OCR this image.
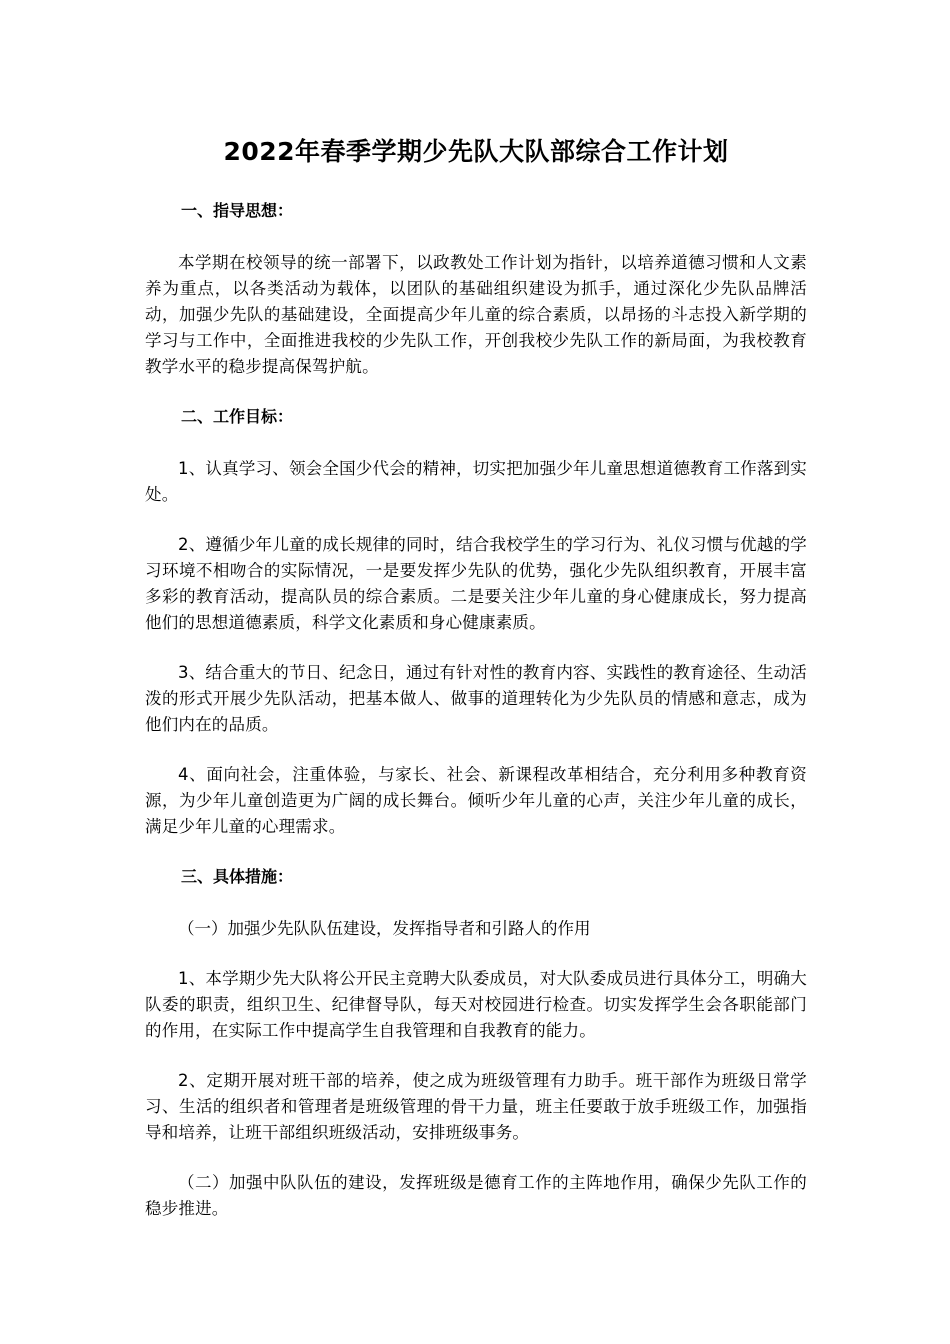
2022年春季学期少先队大队部综合工作计划
一、指导思想：

本学期在校领导的统一部署下，以政教处工作计划为指针，以培养道德习惯和人文素养为重点，以各类活动为载体，以团队的基础组织建设为抓手，通过深化少先队品牌活动，加强少先队的基础建设，全面提高少年儿童的综合素质，以昂扬的斗志投入新学期的学习与工作中，全面推进我校的少先队工作，开创我校少先队工作的新局面，为我校教育教学水平的稳步提高保驾护航。

二、工作目标：

1、认真学习、领会全国少代会的精神，切实把加强少年儿童思想道德教育工作落到实处。

2、遵循少年儿童的成长规律的同时，结合我校学生的学习行为、礼仪习惯与优越的学习环境不相吻合的实际情况，一是要发挥少先队的优势，强化少先队组织教育，开展丰富多彩的教育活动，提高队员的综合素质。二是要关注少年儿童的身心健康成长，努力提高他们的思想道德素质，科学文化素质和身心健康素质。

3、结合重大的节日、纪念日，通过有针对性的教育内容、实践性的教育途径、生动活泼的形式开展少先队活动，把基本做人、做事的道理转化为少先队员的情感和意志，成为他们内在的品质。

4、面向社会，注重体验，与家长、社会、新课程改革相结合，充分利用多种教育资源，为少年儿童创造更为广阔的成长舞台。倾听少年儿童的心声，关注少年儿童的成长，满足少年儿童的心理需求。

三、具体措施：
（一）加强少先队队伍建设，发挥指导者和引路人的作用

1、本学期少先大队将公开民主竞聘大队委成员，对大队委成员进行具体分工，明确大队委的职责，组织卫生、纪律督导队，每天对校园进行检查。切实发挥学生会各职能部门的作用，在实际工作中提高学生自我管理和自我教育的能力。

2、定期开展对班干部的培养，使之成为班级管理有力助手。班干部作为班级日常学习、生活的组织者和管理者是班级管理的骨干力量，班主任要敢于放手班级工作，加强指导和培养，让班干部组织班级活动，安排班级事务。

（二）加强中队队伍的建设，发挥班级是德育工作的主阵地作用，确保少先队工作的稳步推进。
